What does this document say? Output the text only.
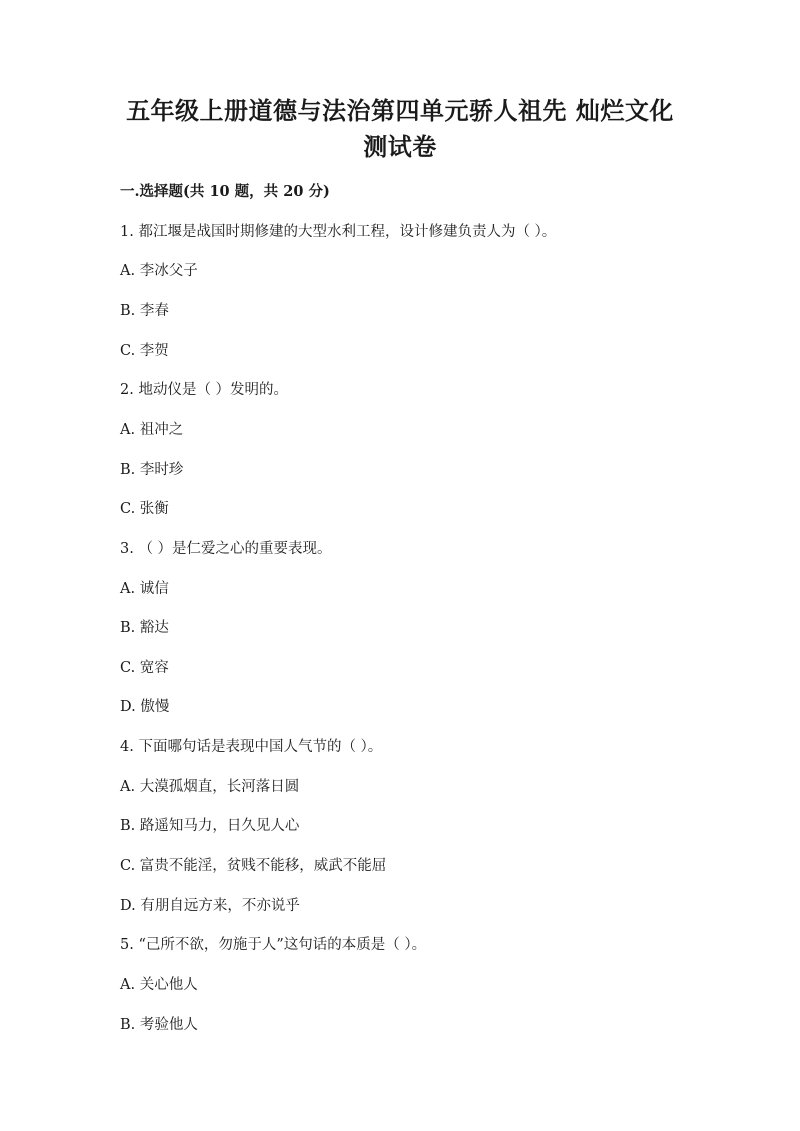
五年级上册道德与法治第四单元骄人祖先 灿烂文化
测试卷
一.选择题(共 10 题，共 20 分)
1. 都江堰是战国时期修建的大型水利工程，设计修建负责人为（ ）。
A. 李冰父子
B. 李春
C. 李贺
2. 地动仪是（ ）发明的。
A. 祖冲之
B. 李时珍
C. 张衡
3. （ ）是仁爱之心的重要表现。
A. 诚信
B. 豁达
C. 宽容
D. 傲慢
4. 下面哪句话是表现中国人气节的（ ）。
A. 大漠孤烟直，长河落日圆
B. 路遥知马力，日久见人心
C. 富贵不能淫，贫贱不能移，威武不能屈
D. 有朋自远方来，不亦说乎
5. “己所不欲，勿施于人”这句话的本质是（ ）。
A. 关心他人
B. 考验他人
